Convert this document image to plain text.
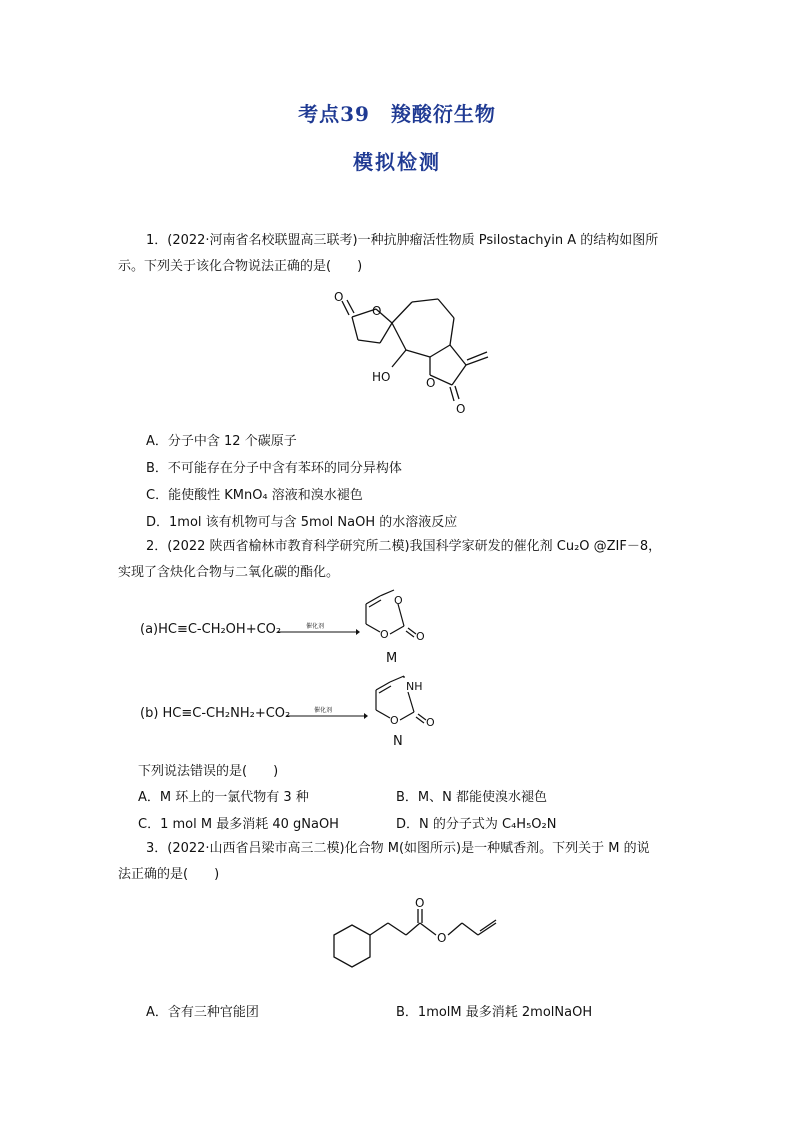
考点39　羧酸衍生物
模拟检测
1．(2022·河南省名校联盟高三联考)一种抗肿瘤活性物质 Psilostachyin A 的结构如图所
示。下列关于该化合物说法正确的是(　　)
O
O
HO	O
O
A．分子中含 12 个碳原子
B．不可能存在分子中含有苯环的同分异构体
C．能使酸性 KMnO₄ 溶液和溴水褪色
D．1mol 该有机物可与含 5mol NaOH 的水溶液反应
2．(2022 陕西省榆林市教育科学研究所二模)我国科学家研发的催化剂 Cu₂O @ZIF－8，
实现了含炔化合物与二氧化碳的酯化。
(a)HC≡C-CH₂OH+CO₂	催化剂
O
O O
M
(b) HC≡C-CH₂NH₂+CO₂	催化剂
NH
O O
N
下列说法错误的是(　　)
A．M 环上的一氯代物有 3 种	B．M、N 都能使溴水褪色
C．1 mol M 最多消耗 40 gNaOH	D．N 的分子式为 C₄H₅O₂N
3．(2022·山西省吕梁市高三二模)化合物 M(如图所示)是一种赋香剂。下列关于 M 的说
法正确的是(　　)
O
O
A．含有三种官能团	B．1molM 最多消耗 2molNaOH
